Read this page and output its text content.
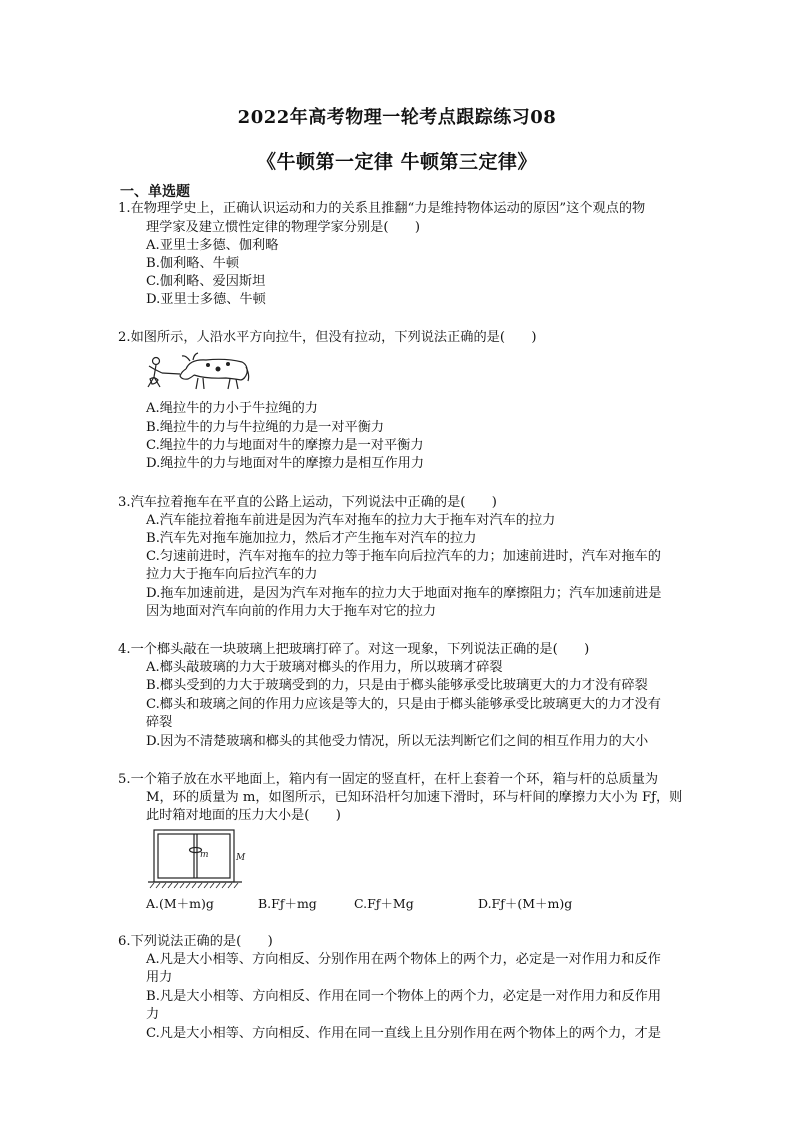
2022年高考物理一轮考点跟踪练习08
《牛顿第一定律 牛顿第三定律》
一、单选题
1.在物理学史上，正确认识运动和力的关系且推翻“力是维持物体运动的原因”这个观点的物
理学家及建立惯性定律的物理学家分别是(　　)
A.亚里士多德、伽利略
B.伽利略、牛顿
C.伽利略、爱因斯坦
D.亚里士多德、牛顿
2.如图所示，人沿水平方向拉牛，但没有拉动，下列说法正确的是(　　)
A.绳拉牛的力小于牛拉绳的力
B.绳拉牛的力与牛拉绳的力是一对平衡力
C.绳拉牛的力与地面对牛的摩擦力是一对平衡力
D.绳拉牛的力与地面对牛的摩擦力是相互作用力
3.汽车拉着拖车在平直的公路上运动，下列说法中正确的是(　　)
A.汽车能拉着拖车前进是因为汽车对拖车的拉力大于拖车对汽车的拉力
B.汽车先对拖车施加拉力，然后才产生拖车对汽车的拉力
C.匀速前进时，汽车对拖车的拉力等于拖车向后拉汽车的力；加速前进时，汽车对拖车的
拉力大于拖车向后拉汽车的力
D.拖车加速前进，是因为汽车对拖车的拉力大于地面对拖车的摩擦阻力；汽车加速前进是
因为地面对汽车向前的作用力大于拖车对它的拉力
4.一个榔头敲在一块玻璃上把玻璃打碎了。对这一现象，下列说法正确的是(　　)
A.榔头敲玻璃的力大于玻璃对榔头的作用力，所以玻璃才碎裂
B.榔头受到的力大于玻璃受到的力，只是由于榔头能够承受比玻璃更大的力才没有碎裂
C.榔头和玻璃之间的作用力应该是等大的，只是由于榔头能够承受比玻璃更大的力才没有
碎裂
D.因为不清楚玻璃和榔头的其他受力情况，所以无法判断它们之间的相互作用力的大小
5.一个箱子放在水平地面上，箱内有一固定的竖直杆，在杆上套着一个环，箱与杆的总质量为
M，环的质量为 m，如图所示，已知环沿杆匀加速下滑时，环与杆间的摩擦力大小为 Fƒ，则
此时箱对地面的压力大小是(　　)
m	M
A.(M＋m)g	B.Fƒ＋mg	C.Fƒ＋Mg	D.Fƒ＋(M＋m)g
6.下列说法正确的是(　　)
A.凡是大小相等、方向相反、分别作用在两个物体上的两个力，必定是一对作用力和反作
用力
B.凡是大小相等、方向相反、作用在同一个物体上的两个力，必定是一对作用力和反作用
力
C.凡是大小相等、方向相反、作用在同一直线上且分别作用在两个物体上的两个力，才是
